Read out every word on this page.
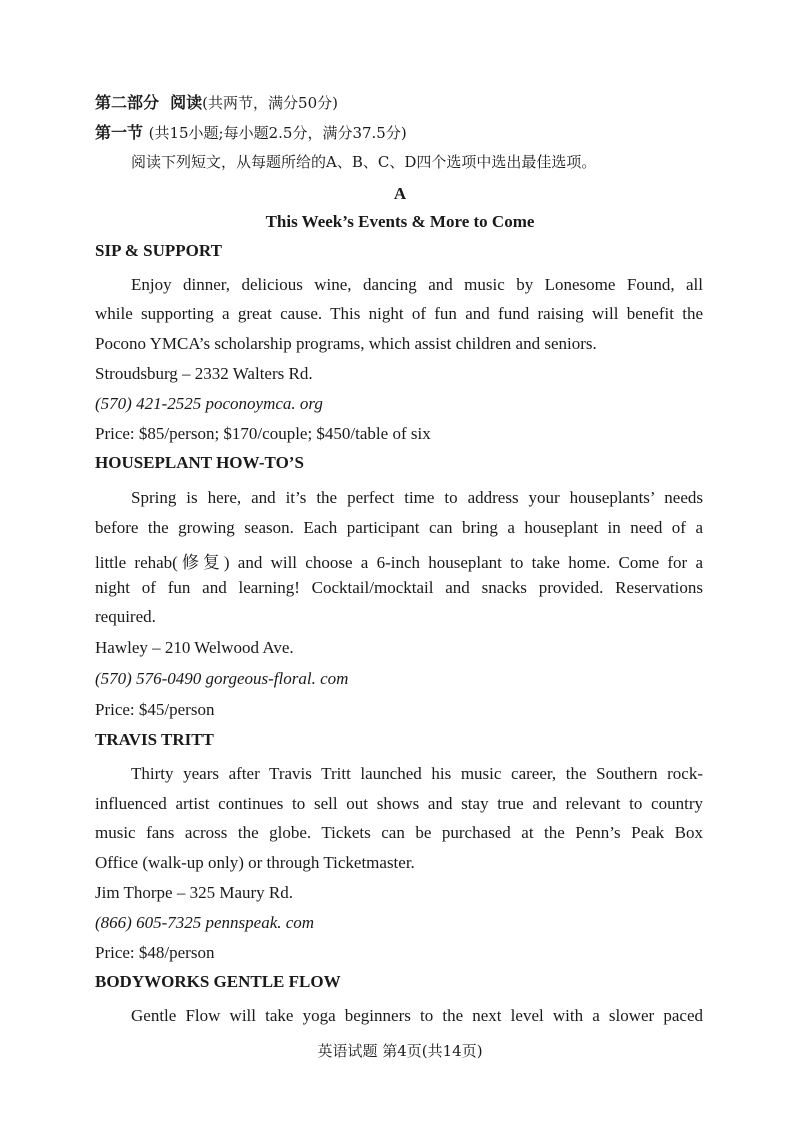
第二部分 阅读(共两节，满分50分)
第一节 (共15小题;每小题2.5分，满分37.5分)
阅读下列短文，从每题所给的A、B、C、D四个选项中选出最佳选项。
A
This Week’s Events & More to Come
SIP & SUPPORT
Enjoy dinner, delicious wine, dancing and music by Lonesome Found, all
while supporting a great cause. This night of fun and fund raising will benefit the
Pocono YMCA’s scholarship programs, which assist children and seniors.
Stroudsburg – 2332 Walters Rd.
(570) 421-2525 poconoymca. org
Price: $85/person; $170/couple; $450/table of six
HOUSEPLANT HOW-TO’S
Spring is here, and it’s the perfect time to address your houseplants’ needs
before the growing season. Each participant can bring a houseplant in need of a
little rehab(修复) and will choose a 6-inch houseplant to take home. Come for a
night of fun and learning! Cocktail/mocktail and snacks provided. Reservations
required.
Hawley – 210 Welwood Ave.
(570) 576-0490 gorgeous-floral. com
Price: $45/person
TRAVIS TRITT
Thirty years after Travis Tritt launched his music career, the Southern rock-
influenced artist continues to sell out shows and stay true and relevant to country
music fans across the globe. Tickets can be purchased at the Penn’s Peak Box
Office (walk-up only) or through Ticketmaster.
Jim Thorpe – 325 Maury Rd.
(866) 605-7325 pennspeak. com
Price: $48/person
BODYWORKS GENTLE FLOW
Gentle Flow will take yoga beginners to the next level with a slower paced
英语试题 第4页(共14页)
